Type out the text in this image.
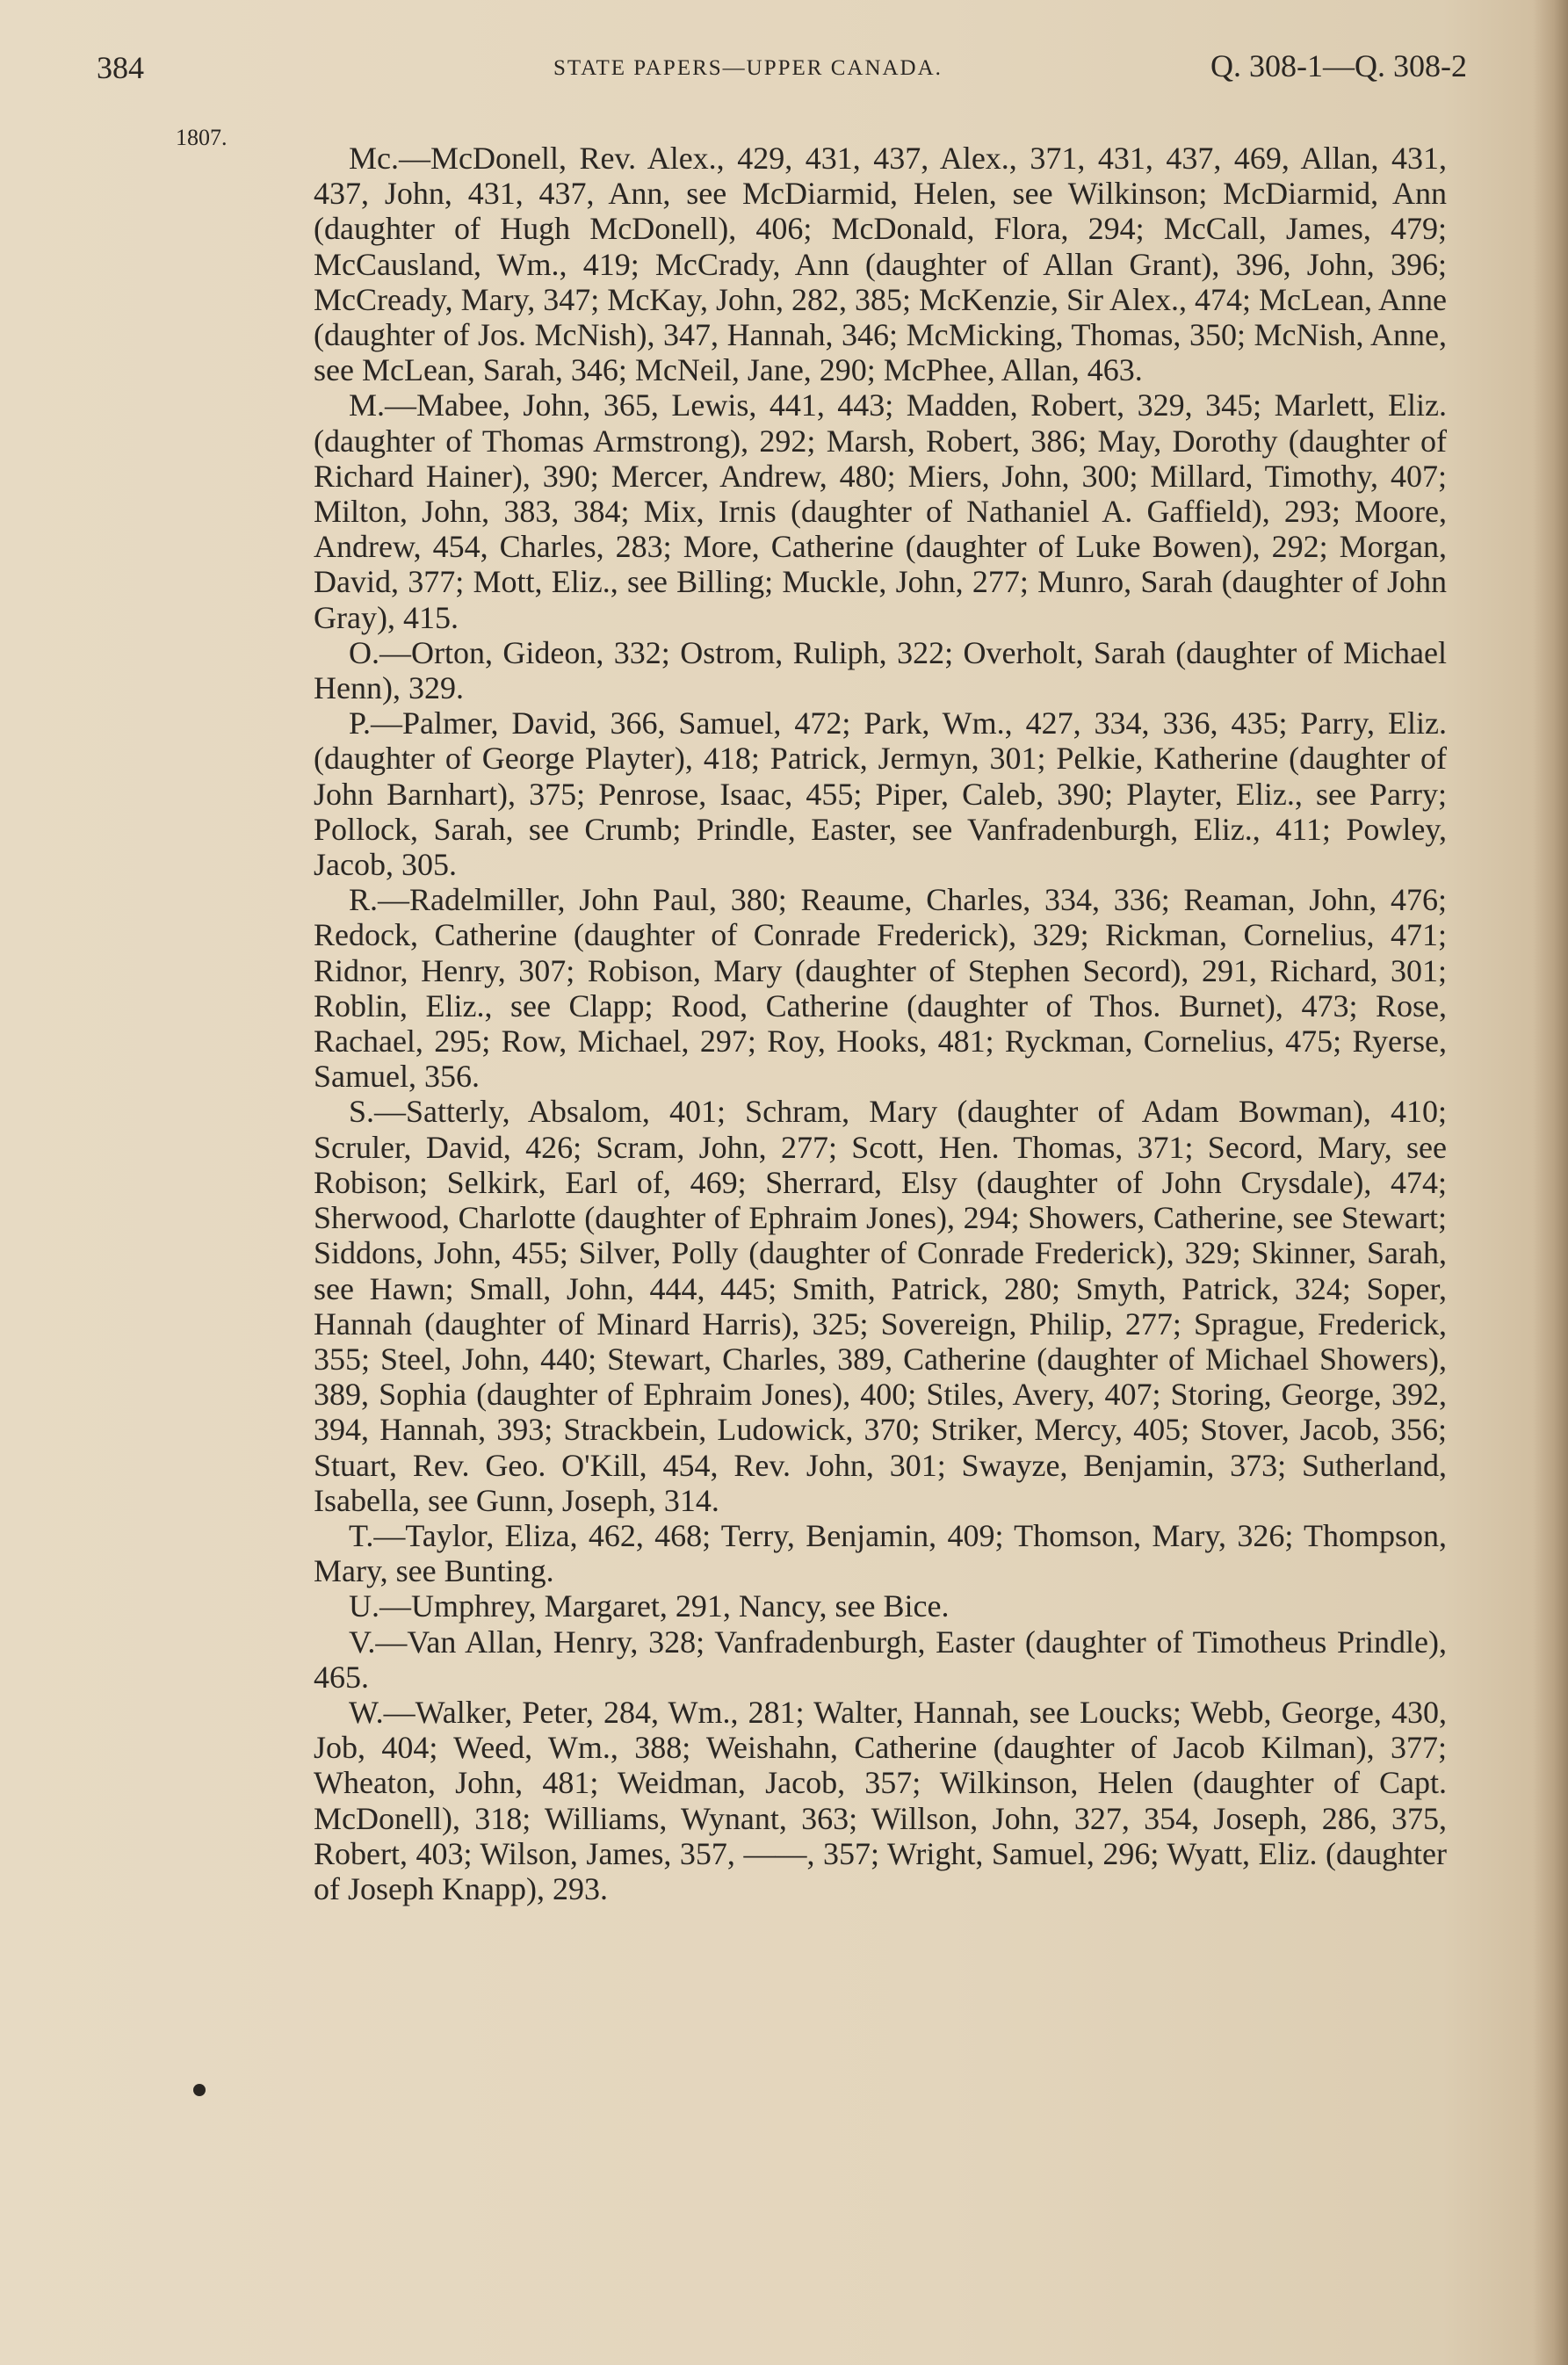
384	STATE PAPERS—UPPER CANADA.	Q. 308-1—Q. 308-2
1807.

Mc.—McDonell, Rev. Alex., 429, 431, 437, Alex., 371, 431, 437, 469, Allan, 431, 437, John, 431, 437, Ann, see McDiarmid, Helen, see Wilkinson; McDiarmid, Ann (daughter of Hugh McDonell), 406; McDonald, Flora, 294; McCall, James, 479; McCausland, Wm., 419; McCrady, Ann (daughter of Allan Grant), 396, John, 396; McCready, Mary, 347; McKay, John, 282, 385; McKenzie, Sir Alex., 474; McLean, Anne (daughter of Jos. McNish), 347, Hannah, 346; McMicking, Thomas, 350; McNish, Anne, see McLean, Sarah, 346; McNeil, Jane, 290; McPhee, Allan, 463.

M.—Mabee, John, 365, Lewis, 441, 443; Madden, Robert, 329, 345; Marlett, Eliz. (daughter of Thomas Armstrong), 292; Marsh, Robert, 386; May, Dorothy (daughter of Richard Hainer), 390; Mercer, Andrew, 480; Miers, John, 300; Millard, Timothy, 407; Milton, John, 383, 384; Mix, Irnis (daughter of Nathaniel A. Gaffield), 293; Moore, Andrew, 454, Charles, 283; More, Catherine (daughter of Luke Bowen), 292; Morgan, David, 377; Mott, Eliz., see Billing; Muckle, John, 277; Munro, Sarah (daughter of John Gray), 415.

O.—Orton, Gideon, 332; Ostrom, Ruliph, 322; Overholt, Sarah (daughter of Michael Henn), 329.

P.—Palmer, David, 366, Samuel, 472; Park, Wm., 427, 334, 336, 435; Parry, Eliz. (daughter of George Playter), 418; Patrick, Jermyn, 301; Pelkie, Katherine (daughter of John Barnhart), 375; Penrose, Isaac, 455; Piper, Caleb, 390; Playter, Eliz., see Parry; Pollock, Sarah, see Crumb; Prindle, Easter, see Vanfradenburgh, Eliz., 411; Powley, Jacob, 305.

R.—Radelmiller, John Paul, 380; Reaume, Charles, 334, 336; Reaman, John, 476; Redock, Catherine (daughter of Conrade Frederick), 329; Rickman, Cornelius, 471; Ridnor, Henry, 307; Robison, Mary (daughter of Stephen Secord), 291, Richard, 301; Roblin, Eliz., see Clapp; Rood, Catherine (daughter of Thos. Burnet), 473; Rose, Rachael, 295; Row, Michael, 297; Roy, Hooks, 481; Ryckman, Cornelius, 475; Ryerse, Samuel, 356.

S.—Satterly, Absalom, 401; Schram, Mary (daughter of Adam Bowman), 410; Scruler, David, 426; Scram, John, 277; Scott, Hen. Thomas, 371; Secord, Mary, see Robison; Selkirk, Earl of, 469; Sherrard, Elsy (daughter of John Crysdale), 474; Sherwood, Charlotte (daughter of Ephraim Jones), 294; Showers, Catherine, see Stewart; Siddons, John, 455; Silver, Polly (daughter of Conrade Frederick), 329; Skinner, Sarah, see Hawn; Small, John, 444, 445; Smith, Patrick, 280; Smyth, Patrick, 324; Soper, Hannah (daughter of Minard Harris), 325; Sovereign, Philip, 277; Sprague, Frederick, 355; Steel, John, 440; Stewart, Charles, 389, Catherine (daughter of Michael Showers), 389, Sophia (daughter of Ephraim Jones), 400; Stiles, Avery, 407; Storing, George, 392, 394, Hannah, 393; Strackbein, Ludowick, 370; Striker, Mercy, 405; Stover, Jacob, 356; Stuart, Rev. Geo. O'Kill, 454, Rev. John, 301; Swayze, Benjamin, 373; Sutherland, Isabella, see Gunn, Joseph, 314.

T.—Taylor, Eliza, 462, 468; Terry, Benjamin, 409; Thomson, Mary, 326; Thompson, Mary, see Bunting.

U.—Umphrey, Margaret, 291, Nancy, see Bice.

V.—Van Allan, Henry, 328; Vanfradenburgh, Easter (daughter of Timotheus Prindle), 465.

W.—Walker, Peter, 284, Wm., 281; Walter, Hannah, see Loucks; Webb, George, 430, Job, 404; Weed, Wm., 388; Weishahn, Catherine (daughter of Jacob Kilman), 377; Wheaton, John, 481; Weidman, Jacob, 357; Wilkinson, Helen (daughter of Capt. McDonell), 318; Williams, Wynant, 363; Willson, John, 327, 354, Joseph, 286, 375, Robert, 403; Wilson, James, 357, ——, 357; Wright, Samuel, 296; Wyatt, Eliz. (daughter of Joseph Knapp), 293.
